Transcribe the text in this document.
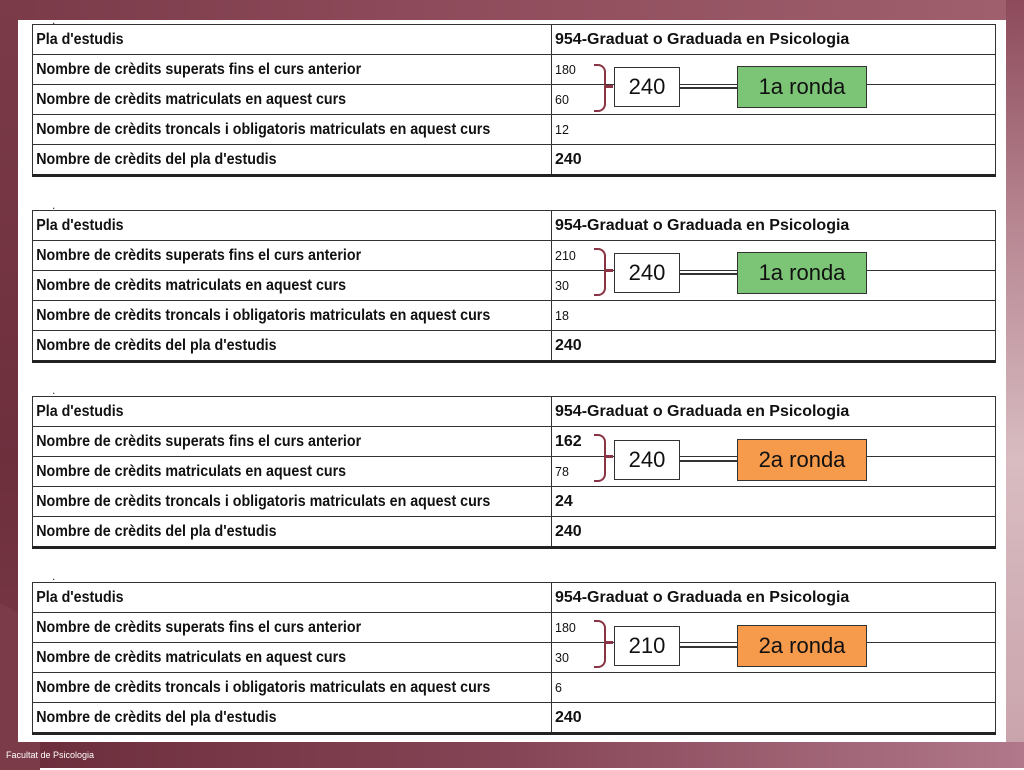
Facultat de Psicologia
.
Pla d'estudis	954-Graduat o Graduada en Psicologia
Nombre de crèdits superats fins el curs anterior	180
Nombre de crèdits matriculats en aquest curs	60
Nombre de crèdits troncals i obligatoris matriculats en aquest curs	12
Nombre de crèdits del pla d'estudis	240
240	1a ronda
.
Pla d'estudis	954-Graduat o Graduada en Psicologia
Nombre de crèdits superats fins el curs anterior	210
Nombre de crèdits matriculats en aquest curs	30
Nombre de crèdits troncals i obligatoris matriculats en aquest curs	18
Nombre de crèdits del pla d'estudis	240
240	1a ronda
.
Pla d'estudis	954-Graduat o Graduada en Psicologia
Nombre de crèdits superats fins el curs anterior	162
Nombre de crèdits matriculats en aquest curs	78
Nombre de crèdits troncals i obligatoris matriculats en aquest curs	24
Nombre de crèdits del pla d'estudis	240
240	2a ronda
.
Pla d'estudis	954-Graduat o Graduada en Psicologia
Nombre de crèdits superats fins el curs anterior	180
Nombre de crèdits matriculats en aquest curs	30
Nombre de crèdits troncals i obligatoris matriculats en aquest curs	6
Nombre de crèdits del pla d'estudis	240
210	2a ronda
